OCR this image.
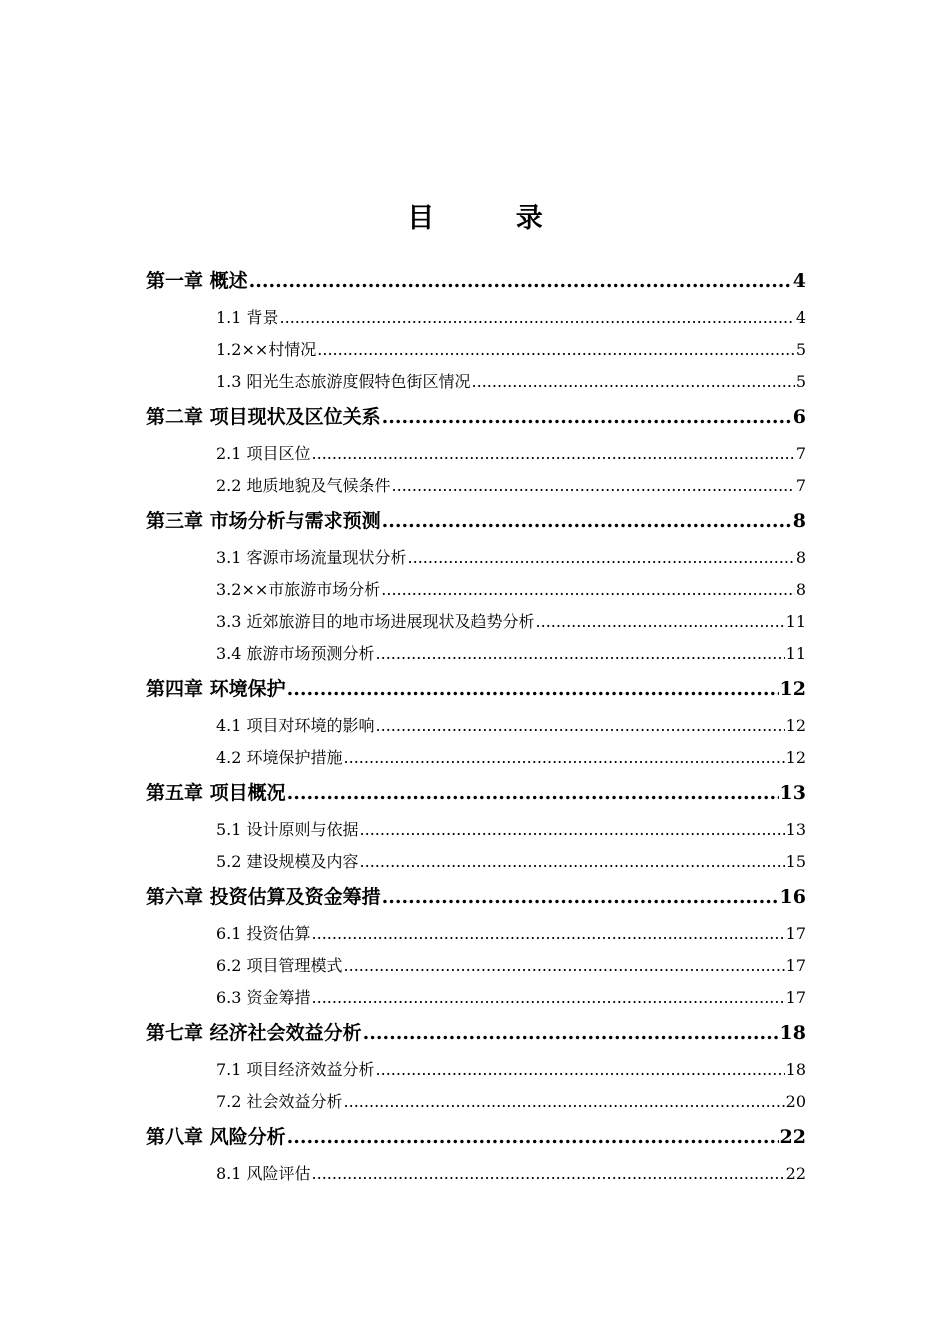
目 录
第一章 概述 .....	4
1.1 背景 .....	4
1.2××村情况 .....	5
1.3 阳光生态旅游度假特色街区情况 .....	5
第二章 项目现状及区位关系 .....	6
2.1 项目区位 .....	7
2.2 地质地貌及气候条件 .....	7
第三章 市场分析与需求预测 .....	8
3.1 客源市场流量现状分析 .....	8
3.2××市旅游市场分析 .....	8
3.3 近郊旅游目的地市场进展现状及趋势分析 .....	11
3.4 旅游市场预测分析 .....	11
第四章 环境保护 .....	12
4.1 项目对环境的影响 .....	12
4.2 环境保护措施 .....	12
第五章 项目概况 .....	13
5.1 设计原则与依据 .....	13
5.2 建设规模及内容 .....	15
第六章 投资估算及资金筹措 .....	16
6.1 投资估算 .....	17
6.2 项目管理模式 .....	17
6.3 资金筹措 .....	17
第七章 经济社会效益分析 .....	18
7.1 项目经济效益分析 .....	18
7.2 社会效益分析 .....	20
第八章 风险分析 .....	22
8.1 风险评估 .....	22
